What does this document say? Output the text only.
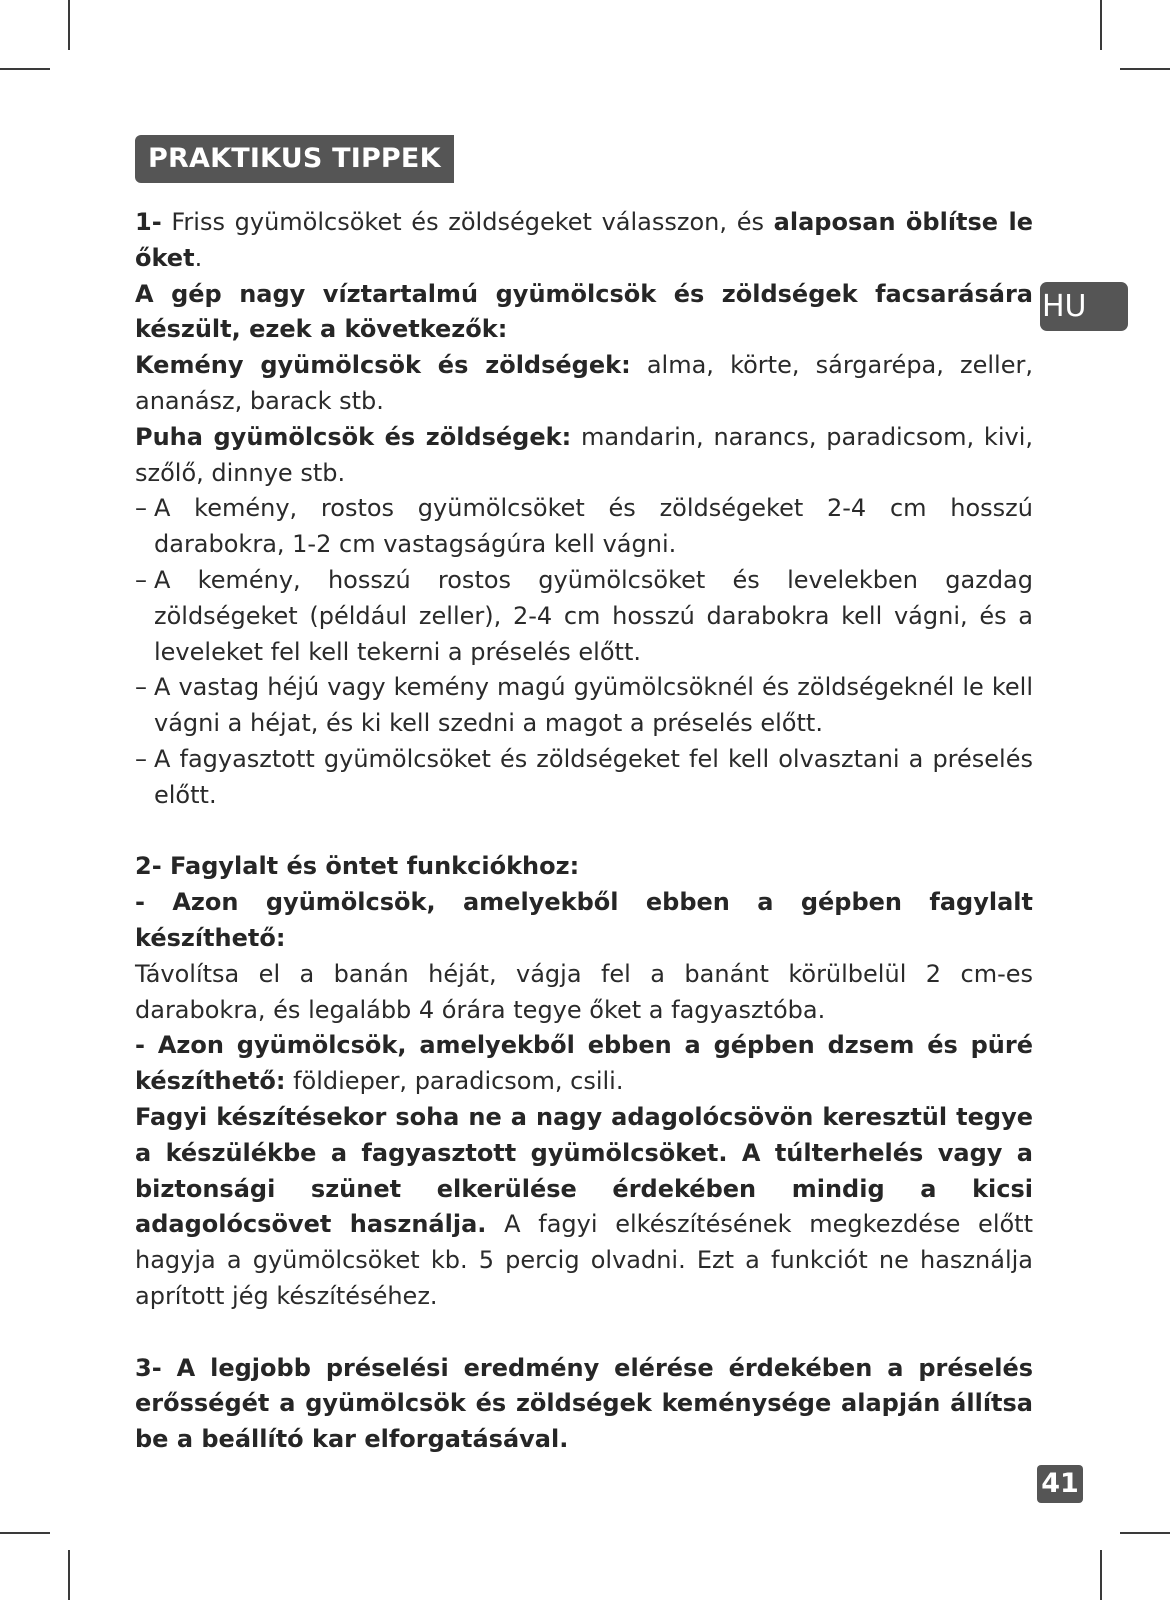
PRAKTIKUS TIPPEK
HU

1- Friss gyümölcsöket és zöldségeket válasszon, és alaposan öblítse le őket.

A gép nagy víztartalmú gyümölcsök és zöldségek facsarására készült, ezek a következők:

Kemény gyümölcsök és zöldségek: alma, körte, sárgarépa, zeller, ananász, barack stb.

Puha gyümölcsök és zöldségek: mandarin, narancs, paradicsom, kivi, szőlő, dinnye stb.

– A kemény, rostos gyümölcsöket és zöldségeket 2-4 cm hosszú darabokra, 1-2 cm vastagságúra kell vágni.
– A kemény, hosszú rostos gyümölcsöket és levelekben gazdag zöldségeket (például zeller), 2-4 cm hosszú darabokra kell vágni, és a leveleket fel kell tekerni a préselés előtt.
– A vastag héjú vagy kemény magú gyümölcsöknél és zöldségeknél le kell vágni a héjat, és ki kell szedni a magot a préselés előtt.
– A fagyasztott gyümölcsöket és zöldségeket fel kell olvasztani a préselés előtt.

2- Fagylalt és öntet funkciókhoz:

- Azon gyümölcsök, amelyekből ebben a gépben fagylalt készíthető:

Távolítsa el a banán héját, vágja fel a banánt körülbelül 2 cm-es darabokra, és legalább 4 órára tegye őket a fagyasztóba.

- Azon gyümölcsök, amelyekből ebben a gépben dzsem és püré készíthető: földieper, paradicsom, csili.

Fagyi készítésekor soha ne a nagy adagolócsövön keresztül tegye a készülékbe a fagyasztott gyümölcsöket. A túlterhelés vagy a biztonsági szünet elkerülése érdekében mindig a kicsi adagolócsövet használja. A fagyi elkészítésének megkezdése előtt hagyja a gyümölcsöket kb. 5 percig olvadni. Ezt a funkciót ne használja aprított jég készítéséhez.

3- A legjobb préselési eredmény elérése érdekében a préselés erősségét a gyümölcsök és zöldségek keménysége alapján állítsa be a beállító kar elforgatásával.

41
